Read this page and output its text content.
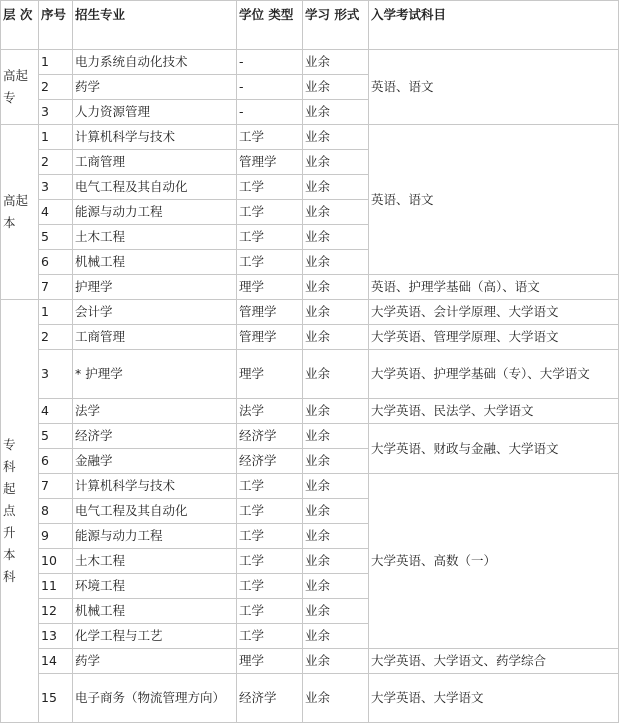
层 次	序号	招生专业	学位 类型	学习 形式	入学考试科目
高起专	1	电力系统自动化技术	-	业余	英语、语文
	2	药学	-	业余	
	3	人力资源管理	-	业余	
高起本	1	计算机科学与技术	工学	业余	英语、语文
	2	工商管理	管理学	业余	
	3	电气工程及其自动化	工学	业余	
	4	能源与动力工程	工学	业余	
	5	土木工程	工学	业余	
	6	机械工程	工学	业余	
	7	护理学	理学	业余	英语、护理学基础（高）、语文

专科起点升本科	1	会计学	管理学	业余	大学英语、会计学原理、大学语文
	2	工商管理	管理学	业余	大学英语、管理学原理、大学语文
	3	* 护理学	理学	业余	大学英语、护理学基础（专）、大学语文
	4	法学	法学	业余	大学英语、民法学、大学语文
	5	经济学	经济学	业余	大学英语、财政与金融、大学语文
	6	金融学	经济学	业余	
	7	计算机科学与技术	工学	业余	大学英语、高数（一）
	8	电气工程及其自动化	工学	业余	
	9	能源与动力工程	工学	业余	
	10	土木工程	工学	业余	
	11	环境工程	工学	业余	
	12	机械工程	工学	业余	
	13	化学工程与工艺	工学	业余	
	14	药学	理学	业余	大学英语、大学语文、药学综合
	15	电子商务（物流管理方向）	经济学	业余	大学英语、大学语文
